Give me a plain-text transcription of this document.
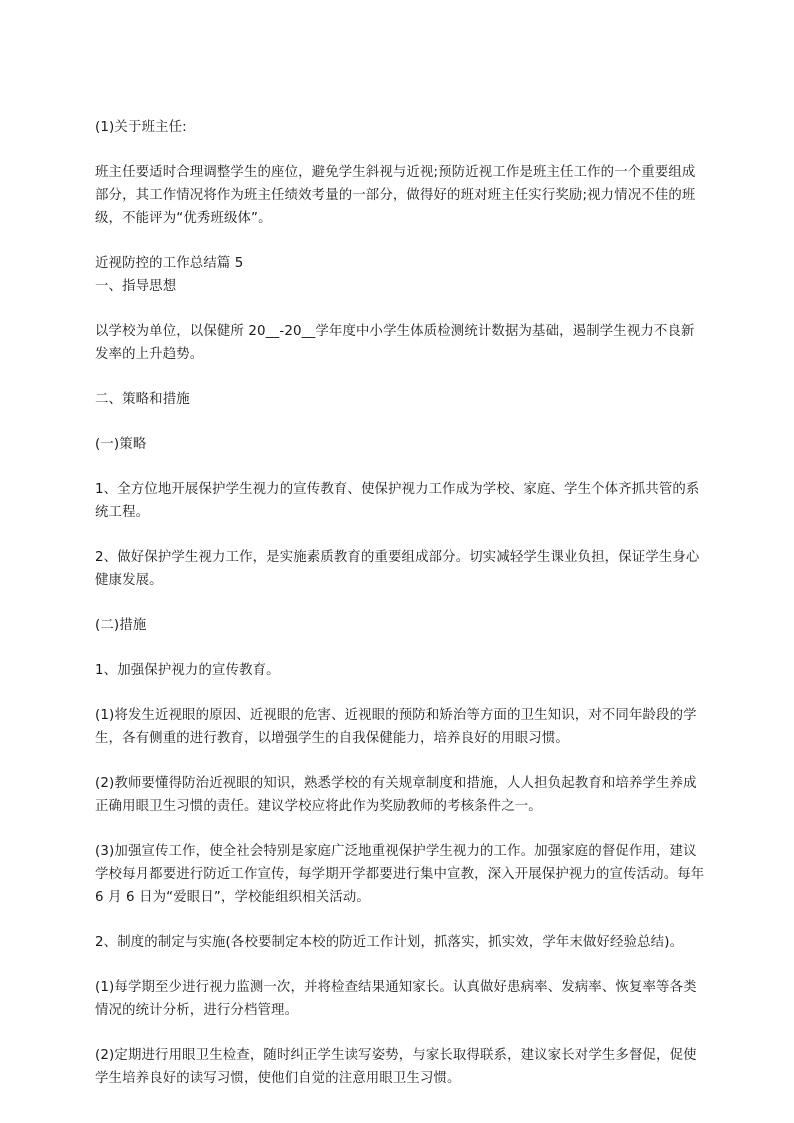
(1)关于班主任:

班主任要适时合理调整学生的座位，避免学生斜视与近视;预防近视工作是班主任工作的一个重要组成部分，其工作情况将作为班主任绩效考量的一部分，做得好的班对班主任实行奖励;视力情况不佳的班级，不能评为“优秀班级体”。

近视防控的工作总结篇 5

一、指导思想

以学校为单位，以保健所 20__-20__学年度中小学生体质检测统计数据为基础，遏制学生视力不良新发率的上升趋势。

二、策略和措施

(一)策略

1、全方位地开展保护学生视力的宣传教育、使保护视力工作成为学校、家庭、学生个体齐抓共管的系统工程。

2、做好保护学生视力工作，是实施素质教育的重要组成部分。切实减轻学生课业负担，保证学生身心健康发展。

(二)措施

1、加强保护视力的宣传教育。

(1)将发生近视眼的原因、近视眼的危害、近视眼的预防和矫治等方面的卫生知识，对不同年龄段的学生，各有侧重的进行教育，以增强学生的自我保健能力，培养良好的用眼习惯。

(2)教师要懂得防治近视眼的知识，熟悉学校的有关规章制度和措施，人人担负起教育和培养学生养成正确用眼卫生习惯的责任。建议学校应将此作为奖励教师的考核条件之一。

(3)加强宣传工作，使全社会特别是家庭广泛地重视保护学生视力的工作。加强家庭的督促作用，建议学校每月都要进行防近工作宣传，每学期开学都要进行集中宣教，深入开展保护视力的宣传活动。每年 6 月 6 日为“爱眼日”，学校能组织相关活动。

2、制度的制定与实施(各校要制定本校的防近工作计划，抓落实，抓实效，学年末做好经验总结)。

(1)每学期至少进行视力监测一次，并将检查结果通知家长。认真做好患病率、发病率、恢复率等各类情况的统计分析，进行分档管理。

(2)定期进行用眼卫生检查，随时纠正学生读写姿势，与家长取得联系，建议家长对学生多督促，促使学生培养良好的读写习惯，使他们自觉的注意用眼卫生习惯。
